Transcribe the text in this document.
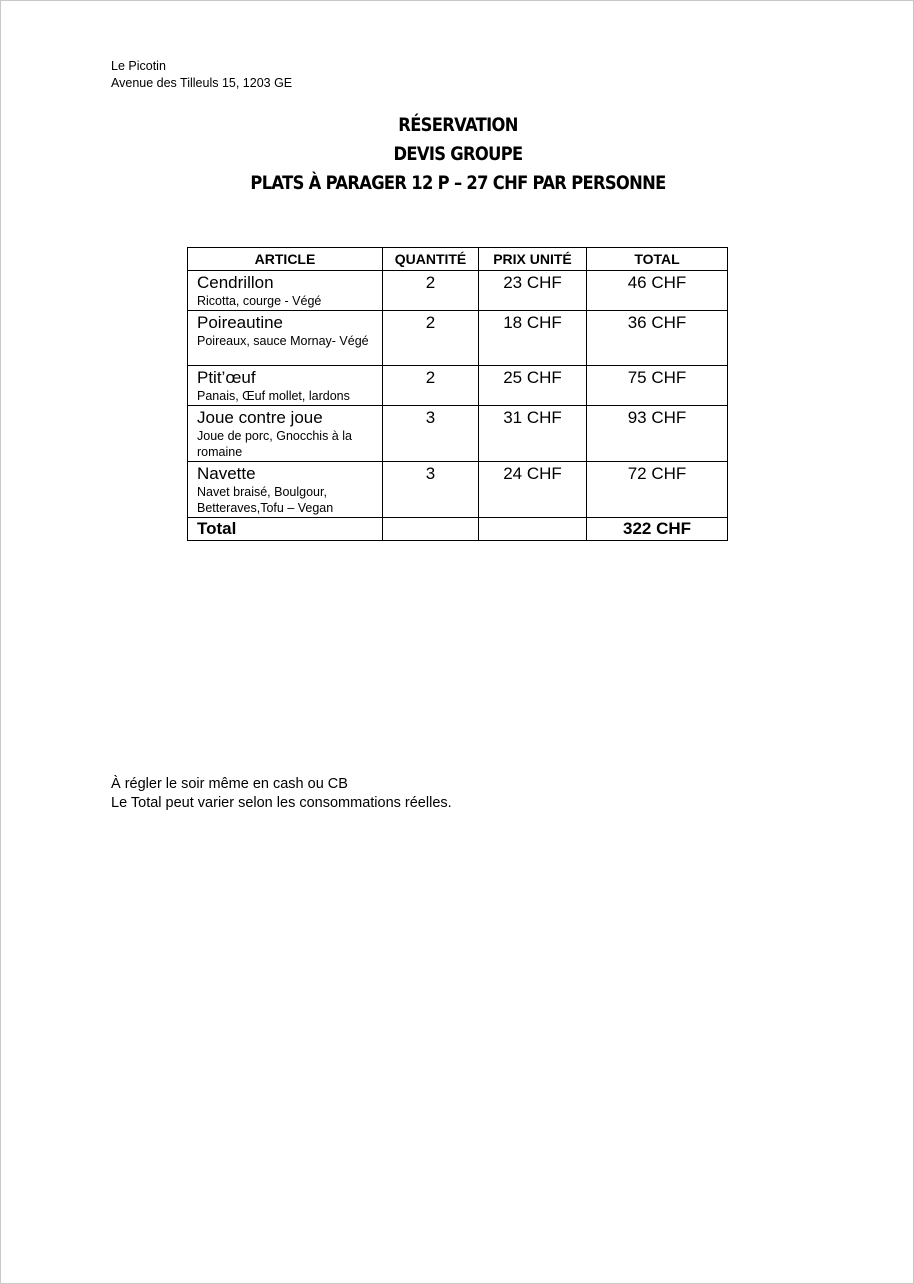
Le Picotin
Avenue des Tilleuls 15, 1203 GE
RÉSERVATION
DEVIS GROUPE
PLATS À PARAGER 12 P – 27 CHF PAR PERSONNE
ARTICLE	QUANTITÉ	PRIX UNITÉ	TOTAL

Cendrillon
Ricotta, courge - Végé	2	23 CHF	46 CHF

Poireautine
Poireaux, sauce Mornay- Végé	2	18 CHF	36 CHF

Ptit’œuf
Panais, Œuf mollet, lardons	2	25 CHF	75 CHF

Joue contre joue
Joue de porc, Gnocchis à la romaine	3	31 CHF	93 CHF

Navette
Navet braisé, Boulgour, Betteraves,Tofu – Vegan	3	24 CHF	72 CHF
Total			322 CHF
À régler le soir même en cash ou CB
Le Total peut varier selon les consommations réelles.
